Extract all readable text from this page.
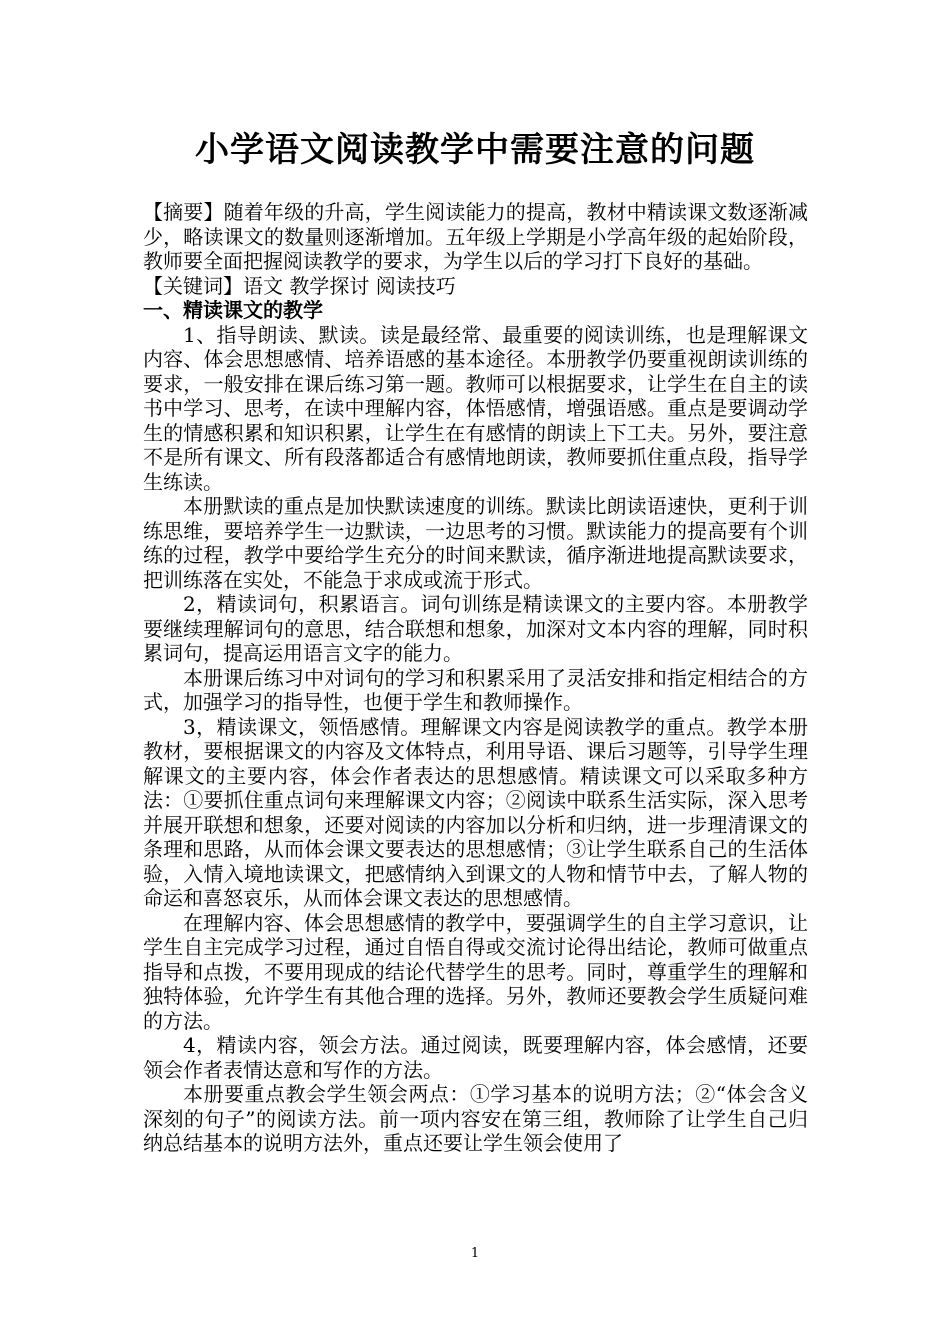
小学语文阅读教学中需要注意的问题

【摘要】随着年级的升高，学生阅读能力的提高，教材中精读课文数逐渐减少，略读课文的数量则逐渐增加。五年级上学期是小学高年级的起始阶段，教师要全面把握阅读教学的要求，为学生以后的学习打下良好的基础。

【关键词】语文 教学探讨 阅读技巧

一、精读课文的教学

1、指导朗读、默读。读是最经常、最重要的阅读训练，也是理解课文内容、体会思想感情、培养语感的基本途径。本册教学仍要重视朗读训练的要求，一般安排在课后练习第一题。教师可以根据要求，让学生在自主的读书中学习、思考，在读中理解内容，体悟感情，增强语感。重点是要调动学生的情感积累和知识积累，让学生在有感情的朗读上下工夫。另外，要注意不是所有课文、所有段落都适合有感情地朗读，教师要抓住重点段，指导学生练读。

本册默读的重点是加快默读速度的训练。默读比朗读语速快，更利于训练思维，要培养学生一边默读，一边思考的习惯。默读能力的提高要有个训练的过程，教学中要给学生充分的时间来默读，循序渐进地提高默读要求，把训练落在实处，不能急于求成或流于形式。

2，精读词句，积累语言。词句训练是精读课文的主要内容。本册教学要继续理解词句的意思，结合联想和想象，加深对文本内容的理解，同时积累词句，提高运用语言文字的能力。

本册课后练习中对词句的学习和积累采用了灵活安排和指定相结合的方式，加强学习的指导性，也便于学生和教师操作。

3，精读课文，领悟感情。理解课文内容是阅读教学的重点。教学本册教材，要根据课文的内容及文体特点，利用导语、课后习题等，引导学生理解课文的主要内容，体会作者表达的思想感情。精读课文可以采取多种方法：①要抓住重点词句来理解课文内容；②阅读中联系生活实际，深入思考并展开联想和想象，还要对阅读的内容加以分析和归纳，进一步理清课文的条理和思路，从而体会课文要表达的思想感情；③让学生联系自己的生活体验，入情入境地读课文，把感情纳入到课文的人物和情节中去，了解人物的命运和喜怒哀乐，从而体会课文表达的思想感情。

在理解内容、体会思想感情的教学中，要强调学生的自主学习意识，让学生自主完成学习过程，通过自悟自得或交流讨论得出结论，教师可做重点指导和点拨，不要用现成的结论代替学生的思考。同时，尊重学生的理解和独特体验，允许学生有其他合理的选择。另外，教师还要教会学生质疑问难的方法。

4，精读内容，领会方法。通过阅读，既要理解内容，体会感情，还要领会作者表情达意和写作的方法。

本册要重点教会学生领会两点：①学习基本的说明方法；②“体会含义深刻的句子”的阅读方法。前一项内容安在第三组，教师除了让学生自己归纳总结基本的说明方法外，重点还要让学生领会使用了

1
